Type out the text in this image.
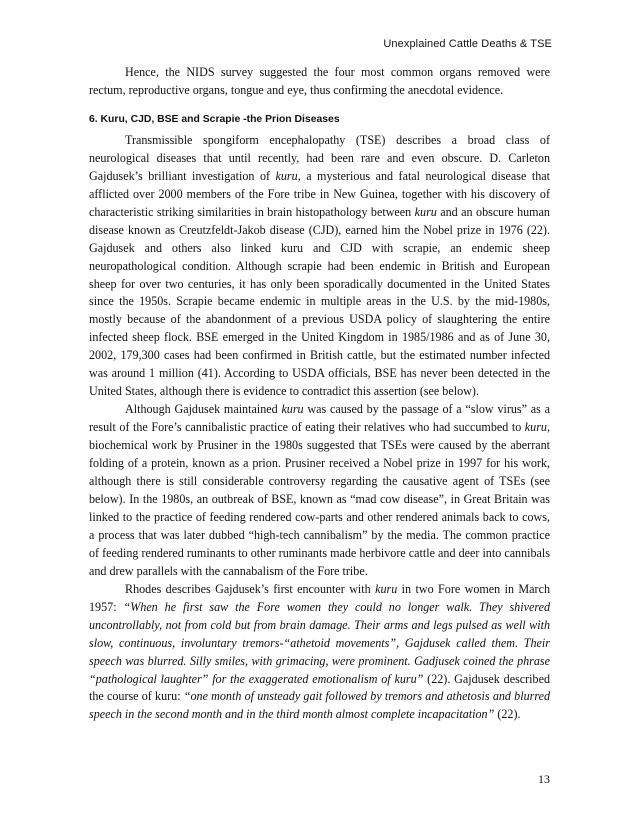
Unexplained Cattle Deaths & TSE

Hence, the NIDS survey suggested the four most common organs removed were rectum, reproductive organs, tongue and eye, thus confirming the anecdotal evidence.

6. Kuru, CJD, BSE and Scrapie -the Prion Diseases

Transmissible spongiform encephalopathy (TSE) describes a broad class of neurological diseases that until recently, had been rare and even obscure. D. Carleton Gajdusek’s brilliant investigation of kuru, a mysterious and fatal neurological disease that afflicted over 2000 members of the Fore tribe in New Guinea, together with his discovery of characteristic striking similarities in brain histopathology between kuru and an obscure human disease known as Creutzfeldt-Jakob disease (CJD), earned him the Nobel prize in 1976 (22). Gajdusek and others also linked kuru and CJD with scrapie, an endemic sheep neuropathological condition. Although scrapie had been endemic in British and European sheep for over two centuries, it has only been sporadically documented in the United States since the 1950s. Scrapie became endemic in multiple areas in the U.S. by the mid-1980s, mostly because of the abandonment of a previous USDA policy of slaughtering the entire infected sheep flock. BSE emerged in the United Kingdom in 1985/1986 and as of June 30, 2002, 179,300 cases had been confirmed in British cattle, but the estimated number infected was around 1 million (41). According to USDA officials, BSE has never been detected in the United States, although there is evidence to contradict this assertion (see below).

Although Gajdusek maintained kuru was caused by the passage of a “slow virus” as a result of the Fore’s cannibalistic practice of eating their relatives who had succumbed to kuru, biochemical work by Prusiner in the 1980s suggested that TSEs were caused by the aberrant folding of a protein, known as a prion. Prusiner received a Nobel prize in 1997 for his work, although there is still considerable controversy regarding the causative agent of TSEs (see below). In the 1980s, an outbreak of BSE, known as “mad cow disease”, in Great Britain was linked to the practice of feeding rendered cow-parts and other rendered animals back to cows, a process that was later dubbed “high-tech cannibalism” by the media. The common practice of feeding rendered ruminants to other ruminants made herbivore cattle and deer into cannibals and drew parallels with the cannabalism of the Fore tribe.

Rhodes describes Gajdusek’s first encounter with kuru in two Fore women in March 1957: “When he first saw the Fore women they could no longer walk. They shivered uncontrollably, not from cold but from brain damage. Their arms and legs pulsed as well with slow, continuous, involuntary tremors-“athetoid movements”, Gajdusek called them. Their speech was blurred. Silly smiles, with grimacing, were prominent. Gadjusek coined the phrase “pathological laughter” for the exaggerated emotionalism of kuru” (22). Gajdusek described the course of kuru: “one month of unsteady gait followed by tremors and athetosis and blurred speech in the second month and in the third month almost complete incapacitation” (22).

13
